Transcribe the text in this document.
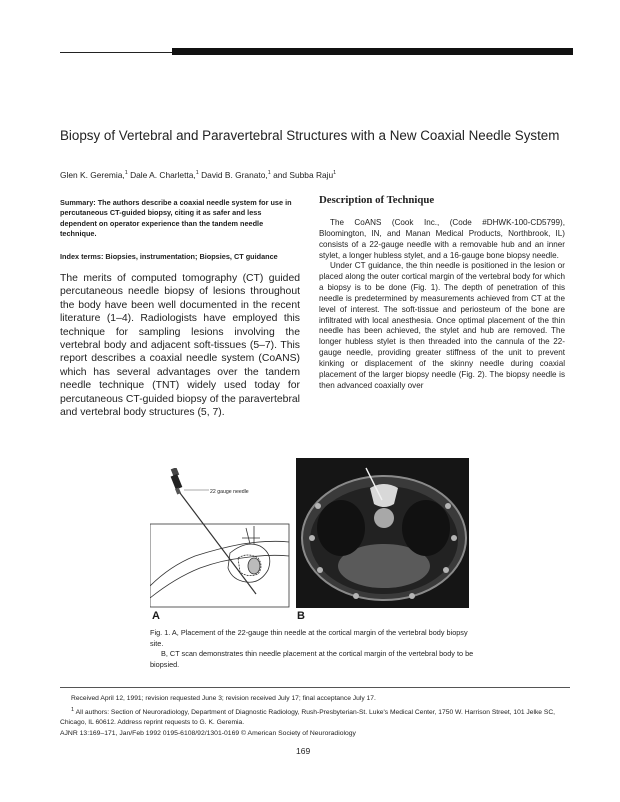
Biopsy of Vertebral and Paravertebral Structures with a New Coaxial Needle System
Glen K. Geremia,$^1$ Dale A. Charletta,$^1$ David B. Granato,$^1$ and Subba Raju$^1$
Summary: The authors describe a coaxial needle system for use in percutaneous CT-guided biopsy, citing it as safer and less dependent on operator experience than the tandem needle technique.
Index terms: Biopsies, instrumentation; Biopsies, CT guidance
The merits of computed tomography (CT) guided percutaneous needle biopsy of lesions throughout the body have been well documented in the recent literature (1–4). Radiologists have employed this technique for sampling lesions involving the vertebral body and adjacent soft-tissues (5–7). This report describes a coaxial needle system (CoANS) which has several advantages over the tandem needle technique (TNT) widely used today for percutaneous CT-guided biopsy of the paravertebral and vertebral body structures (5, 7).
Description of Technique

The CoANS (Cook Inc., (Code #DHWK-100-CD5799), Bloomington, IN, and Manan Medical Products, Northbrook, IL) consists of a 22-gauge needle with a removable hub and an inner stylet, a longer hubless stylet, and a 16-gauge bone biopsy needle.

Under CT guidance, the thin needle is positioned in the lesion or placed along the outer cortical margin of the vertebral body for which a biopsy is to be done (Fig. 1). The depth of penetration of this needle is predetermined by measurements achieved from CT at the level of interest. The soft-tissue and periosteum of the bone are infiltrated with local anesthesia. Once optimal placement of the thin needle has been achieved, the stylet and hub are removed. The longer hubless stylet is then threaded into the cannula of the 22-gauge needle, providing greater stiffness of the unit to prevent kinking or displacement of the skinny needle during coaxial placement of the larger biopsy needle (Fig. 2). The biopsy needle is then advanced coaxially over

22 gauge needle
A	B

Fig. 1. A, Placement of the 22-gauge thin needle at the cortical margin of the vertebral body biopsy site.

B, CT scan demonstrates thin needle placement at the cortical margin of the vertebral body to be biopsied.

Received April 12, 1991; revision requested June 3; revision received July 17; final acceptance July 17.

$^1$ All authors: Section of Neuroradiology, Department of Diagnostic Radiology, Rush-Presbyterian-St. Luke's Medical Center, 1750 W. Harrison Street, 101 Jelke SC, Chicago, IL 60612. Address reprint requests to G. K. Geremia.

AJNR 13:169–171, Jan/Feb 1992 0195-6108/92/1301-0169 © American Society of Neuroradiology
169
